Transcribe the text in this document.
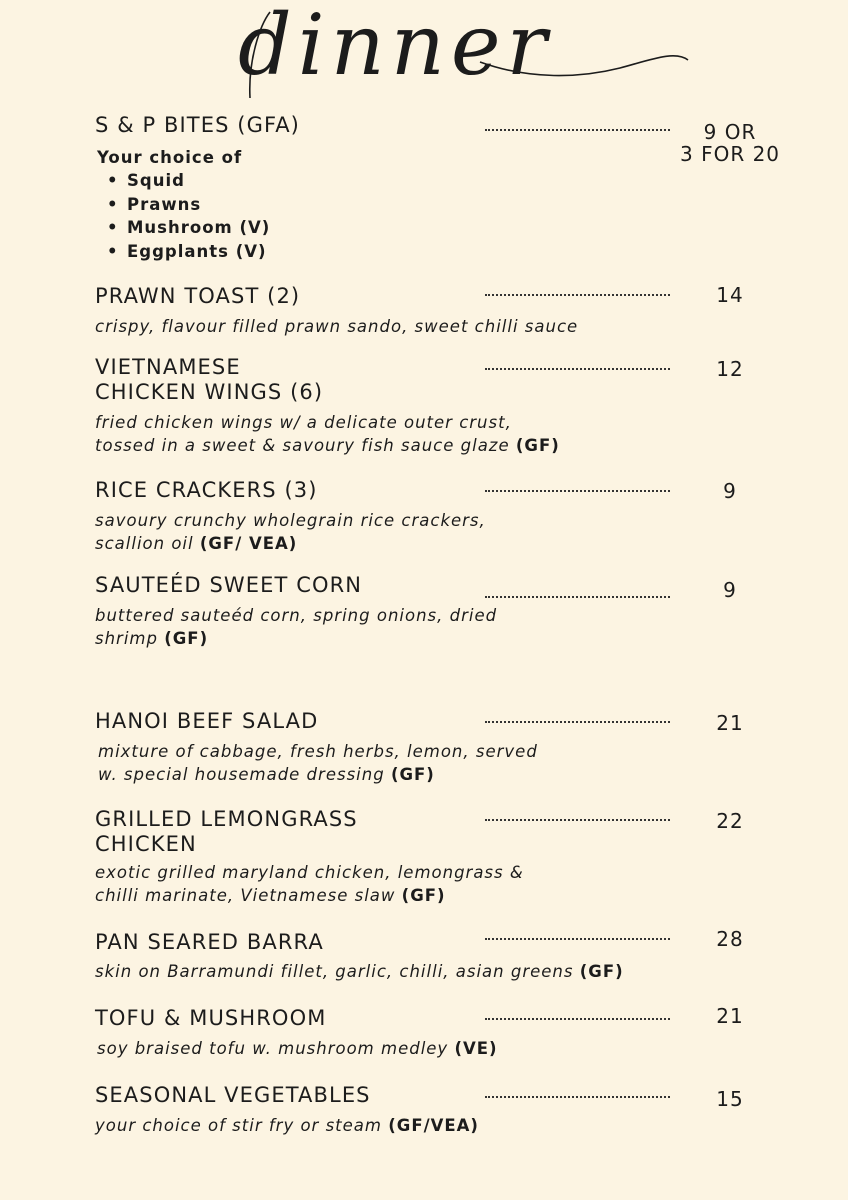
dinner
S & P BITES (GFA)	9 OR
3 FOR 20
Your choice of
• Squid
• Prawns
• Mushroom (V)
• Eggplants (V)
PRAWN TOAST (2)	14
crispy, flavour filled prawn sando, sweet chilli sauce
VIETNAMESE
CHICKEN WINGS (6)
12
fried chicken wings w/ a delicate outer crust,
tossed in a sweet & savoury fish sauce glaze (GF)
RICE CRACKERS (3)	9
savoury crunchy wholegrain rice crackers,
scallion oil (GF/ VEA)
SAUTEÉD SWEET CORN	9
buttered sauteéd corn, spring onions, dried
shrimp (GF)
HANOI BEEF SALAD	21
mixture of cabbage, fresh herbs, lemon, served
w. special housemade dressing (GF)
GRILLED LEMONGRASS
CHICKEN
22
exotic grilled maryland chicken, lemongrass &
chilli marinate, Vietnamese slaw (GF)
PAN SEARED BARRA	28
skin on Barramundi fillet, garlic, chilli, asian greens (GF)
TOFU & MUSHROOM	21
soy braised tofu w. mushroom medley (VE)
SEASONAL VEGETABLES	15
your choice of stir fry or steam (GF/VEA)
